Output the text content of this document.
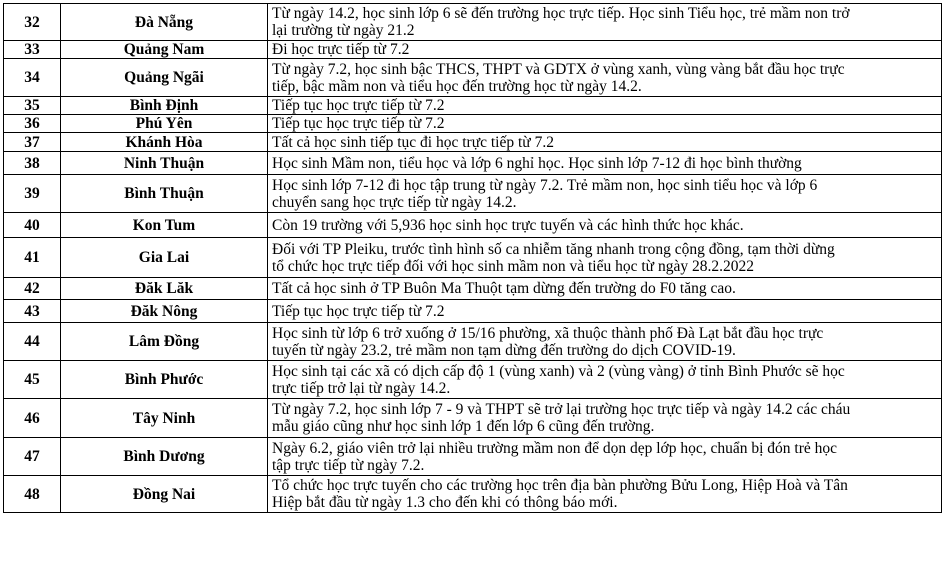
32	Đà Nẵng	Từ ngày 14.2, học sinh lớp 6 sẽ đến trường học trực tiếp. Học sinh Tiểu học, trẻ mầm non trở
lại trường từ ngày 21.2

33	Quảng Nam	Đi học trực tiếp từ 7.2

34	Quảng Ngãi	Từ ngày 7.2, học sinh bậc THCS, THPT và GDTX ở vùng xanh, vùng vàng bắt đầu học trực
tiếp, bậc mầm non và tiểu học đến trường học từ ngày 14.2.

35	Bình Định	Tiếp tục học trực tiếp từ 7.2

36	Phú Yên	Tiếp tục học trực tiếp từ 7.2

37	Khánh Hòa	Tất cả học sinh tiếp tục đi học trực tiếp từ 7.2

38	Ninh Thuận	Học sinh Mầm non, tiểu học và lớp 6 nghỉ học. Học sinh lớp 7-12 đi học bình thường

39	Bình Thuận	Học sinh lớp 7-12 đi học tập trung từ ngày 7.2. Trẻ mầm non, học sinh tiểu học và lớp 6
chuyển sang học trực tiếp từ ngày 14.2.

40	Kon Tum	Còn 19 trường với 5,936 học sinh học trực tuyến và các hình thức học khác.

41	Gia Lai	Đối với TP Pleiku, trước tình hình số ca nhiễm tăng nhanh trong cộng đồng, tạm thời dừng
tổ chức học trực tiếp đối với học sinh mầm non và tiểu học từ ngày 28.2.2022

42	Đăk Lăk	Tất cả học sinh ở TP Buôn Ma Thuột tạm dừng đến trường do F0 tăng cao.

43	Đăk Nông	Tiếp tục học trực tiếp từ 7.2

44	Lâm Đồng	Học sinh từ lớp 6 trở xuống ở 15/16 phường, xã thuộc thành phố Đà Lạt bắt đầu học trực
tuyến từ ngày 23.2, trẻ mầm non tạm dừng đến trường do dịch COVID-19.

45	Bình Phước	Học sinh tại các xã có dịch cấp độ 1 (vùng xanh) và 2 (vùng vàng) ở tỉnh Bình Phước sẽ học
trực tiếp trở lại từ ngày 14.2.

46	Tây Ninh	Từ ngày 7.2, học sinh lớp 7 - 9 và THPT sẽ trở lại trường học trực tiếp và ngày 14.2 các cháu
mẫu giáo cũng như học sinh lớp 1 đến lớp 6 cũng đến trường.

47	Bình Dương	Ngày 6.2, giáo viên trở lại nhiều trường mầm non để dọn dẹp lớp học, chuẩn bị đón trẻ học
tập trực tiếp từ ngày 7.2.

48	Đồng Nai	Tổ chức học trực tuyến cho các trường học trên địa bàn phường Bửu Long, Hiệp Hoà và Tân
Hiệp bắt đầu từ ngày 1.3 cho đến khi có thông báo mới.
